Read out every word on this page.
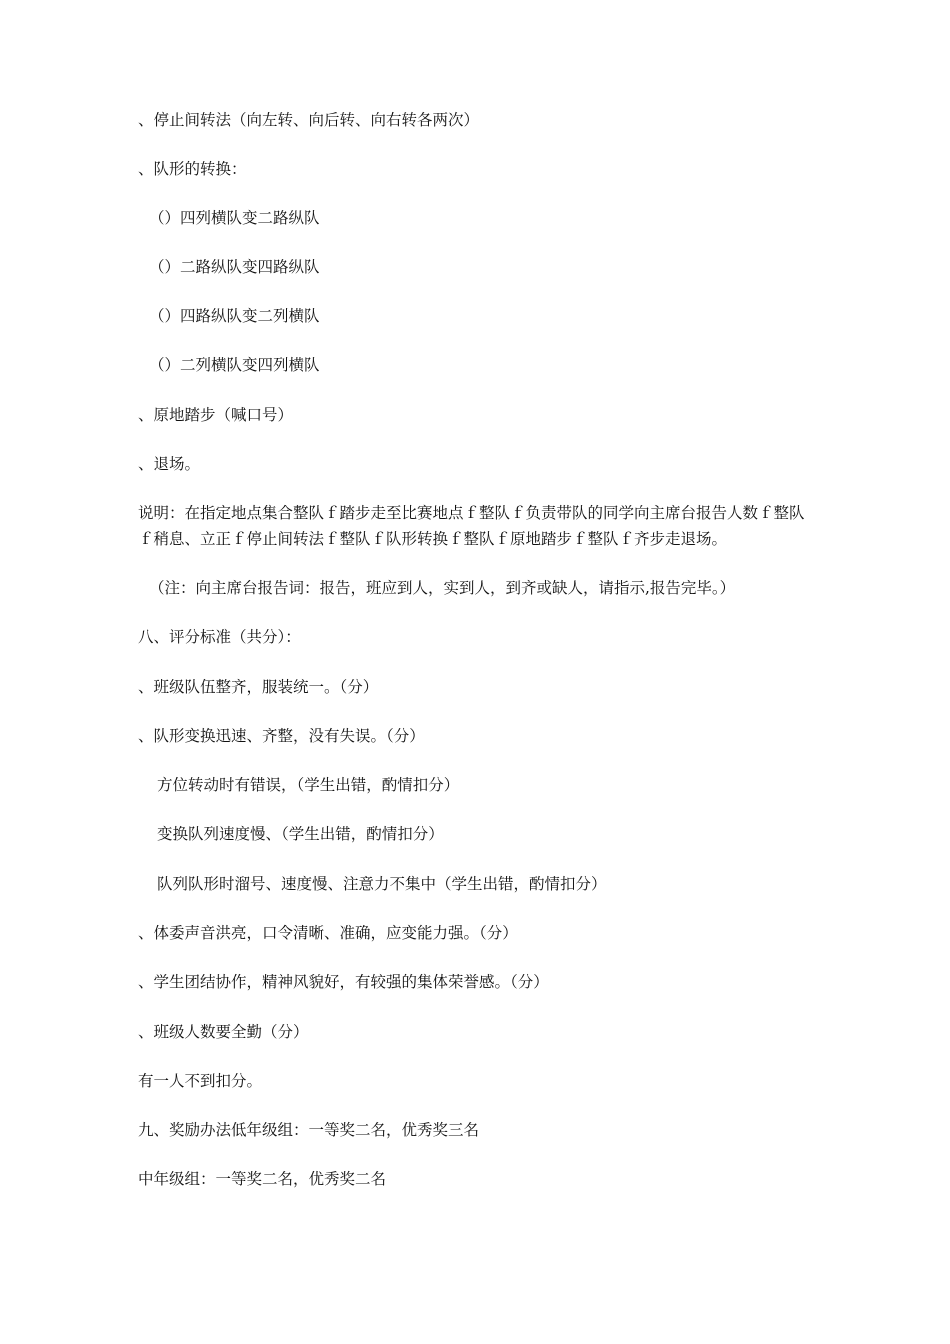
、停止间转法（向左转、向后转、向右转各两次）
、队形的转换：
（）四列横队变二路纵队
（）二路纵队变四路纵队
（）四路纵队变二列横队
（）二列横队变四列横队
、原地踏步（喊口号）
、退场。
说明：在指定地点集合整队ｆ踏步走至比赛地点ｆ整队ｆ负责带队的同学向主席台报告人数ｆ整队ｆ稍息、立正ｆ停止间转法ｆ整队ｆ队形转换ｆ整队ｆ原地踏步ｆ整队ｆ齐步走退场。
（注：向主席台报告词：报告，班应到人，实到人，到齐或缺人，请指示,报告完毕。）
八、评分标准（共分）：
、班级队伍整齐，服装统一。（分）
、队形变换迅速、齐整，没有失误。（分）
方位转动时有错误，（学生出错，酌情扣分）
变换队列速度慢、（学生出错，酌情扣分）
队列队形时溜号、速度慢、注意力不集中（学生出错，酌情扣分）
、体委声音洪亮，口令清晰、准确，应变能力强。（分）
、学生团结协作，精神风貌好，有较强的集体荣誉感。（分）
、班级人数要全勤（分）
有一人不到扣分。
九、奖励办法低年级组：一等奖二名，优秀奖三名
中年级组：一等奖二名，优秀奖二名
